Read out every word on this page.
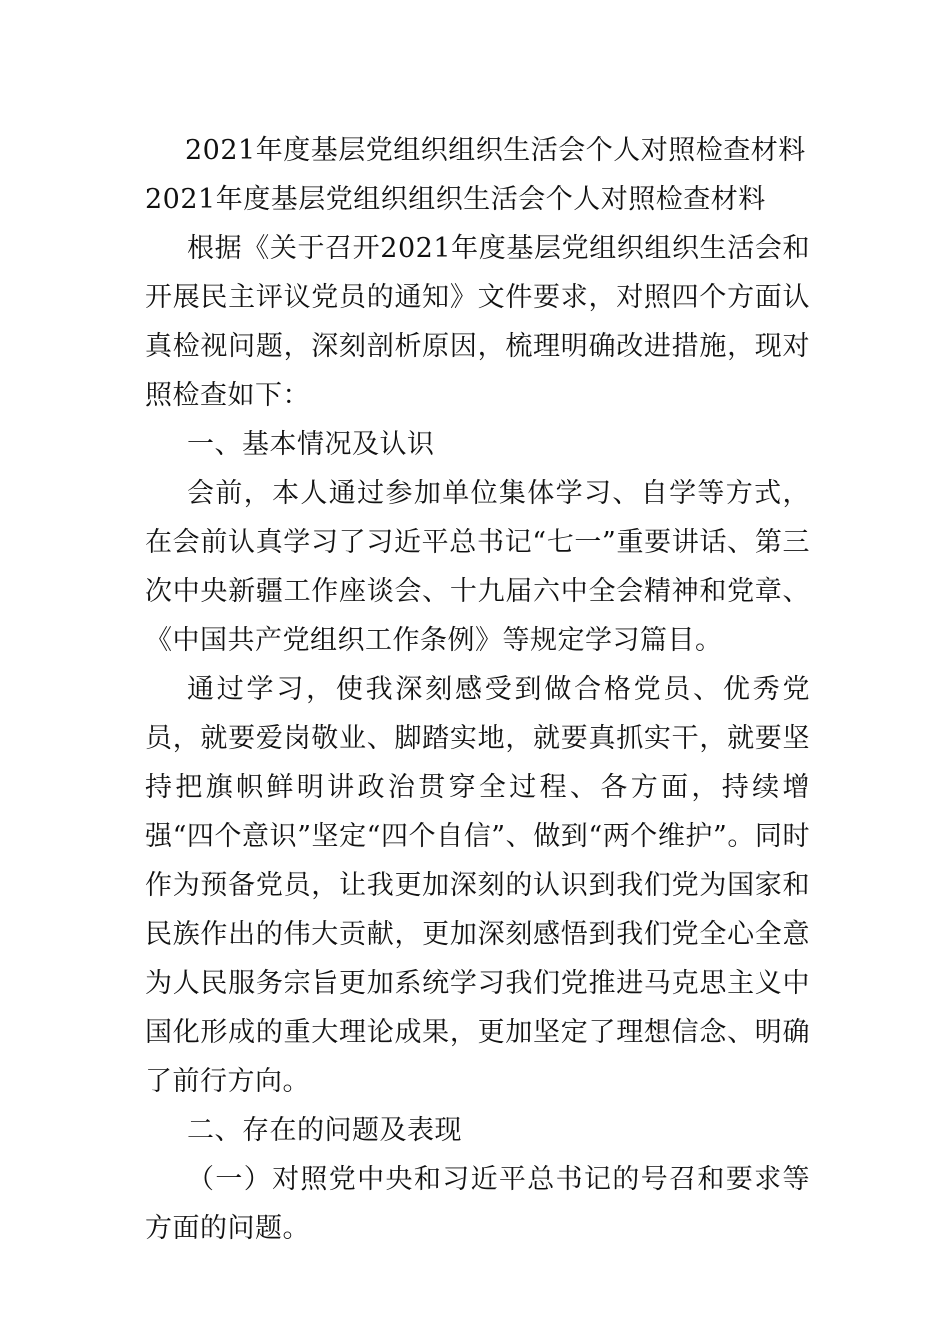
2021年度基层党组织组织生活会个人对照检查材料
2021年度基层党组织组织生活会个人对照检查材料

根据《关于召开2021年度基层党组织组织生活会和开展民主评议党员的通知》文件要求，对照四个方面认真检视问题，深刻剖析原因，梳理明确改进措施，现对照检查如下：

一、基本情况及认识

会前，本人通过参加单位集体学习、自学等方式，在会前认真学习了习近平总书记“七一”重要讲话、第三次中央新疆工作座谈会、十九届六中全会精神和党章、《中国共产党组织工作条例》等规定学习篇目。

通过学习，使我深刻感受到做合格党员、优秀党员，就要爱岗敬业、脚踏实地，就要真抓实干，就要坚持把旗帜鲜明讲政治贯穿全过程、各方面，持续增强“四个意识”坚定“四个自信”、做到“两个维护”。同时作为预备党员，让我更加深刻的认识到我们党为国家和民族作出的伟大贡献，更加深刻感悟到我们党全心全意为人民服务宗旨更加系统学习我们党推进马克思主义中国化形成的重大理论成果，更加坚定了理想信念、明确了前行方向。

二、存在的问题及表现

（一）对照党中央和习近平总书记的号召和要求等方面的问题。
